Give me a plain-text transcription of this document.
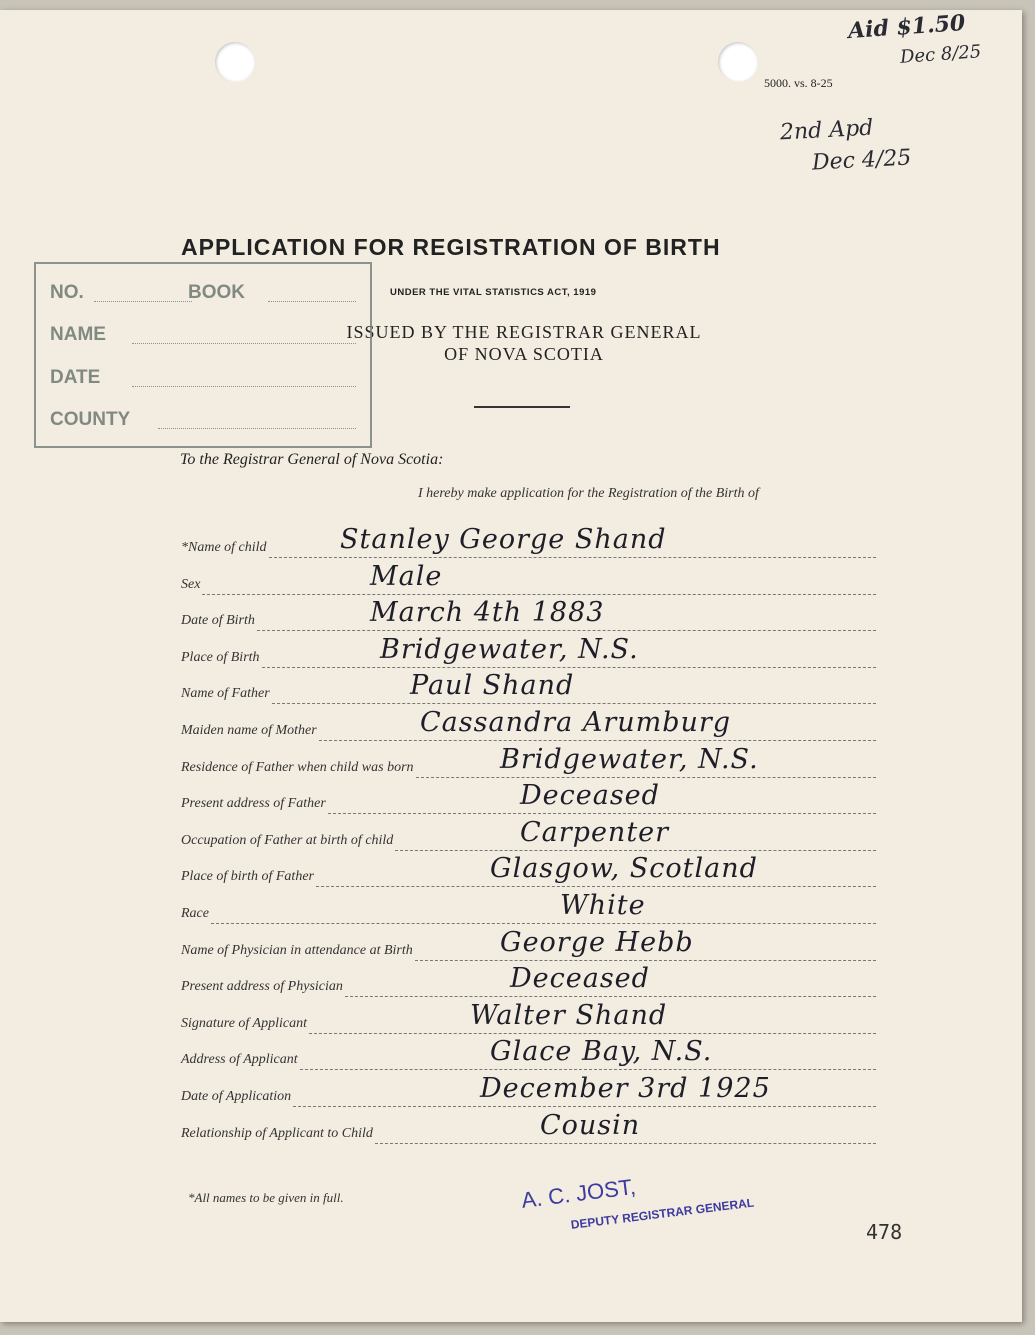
5000. vs. 8-25
Aid $1.50
Dec 8/25
2nd Apd
Dec 4/25
APPLICATION FOR REGISTRATION OF BIRTH
UNDER THE VITAL STATISTICS ACT, 1919
ISSUED BY THE REGISTRAR GENERAL
OF NOVA SCOTIA
NO.	BOOK
NAME
DATE
COUNTY
To the Registrar General of Nova Scotia:
I hereby make application for the Registration of the Birth of
*Name of child	Stanley George Shand
Sex	Male
Date of Birth	March 4th 1883
Place of Birth	Bridgewater, N.S.
Name of Father	Paul Shand
Maiden name of Mother	Cassandra Arumburg
Residence of Father when child was born	Bridgewater, N.S.
Present address of Father	Deceased
Occupation of Father at birth of child	Carpenter
Place of birth of Father	Glasgow, Scotland
Race	White
Name of Physician in attendance at Birth	George Hebb
Present address of Physician	Deceased
Signature of Applicant	Walter Shand
Address of Applicant	Glace Bay, N.S.
Date of Application	December 3rd 1925
Relationship of Applicant to Child	Cousin
*All names to be given in full.	A. C. JOST,
DEPUTY REGISTRAR GENERAL
478
